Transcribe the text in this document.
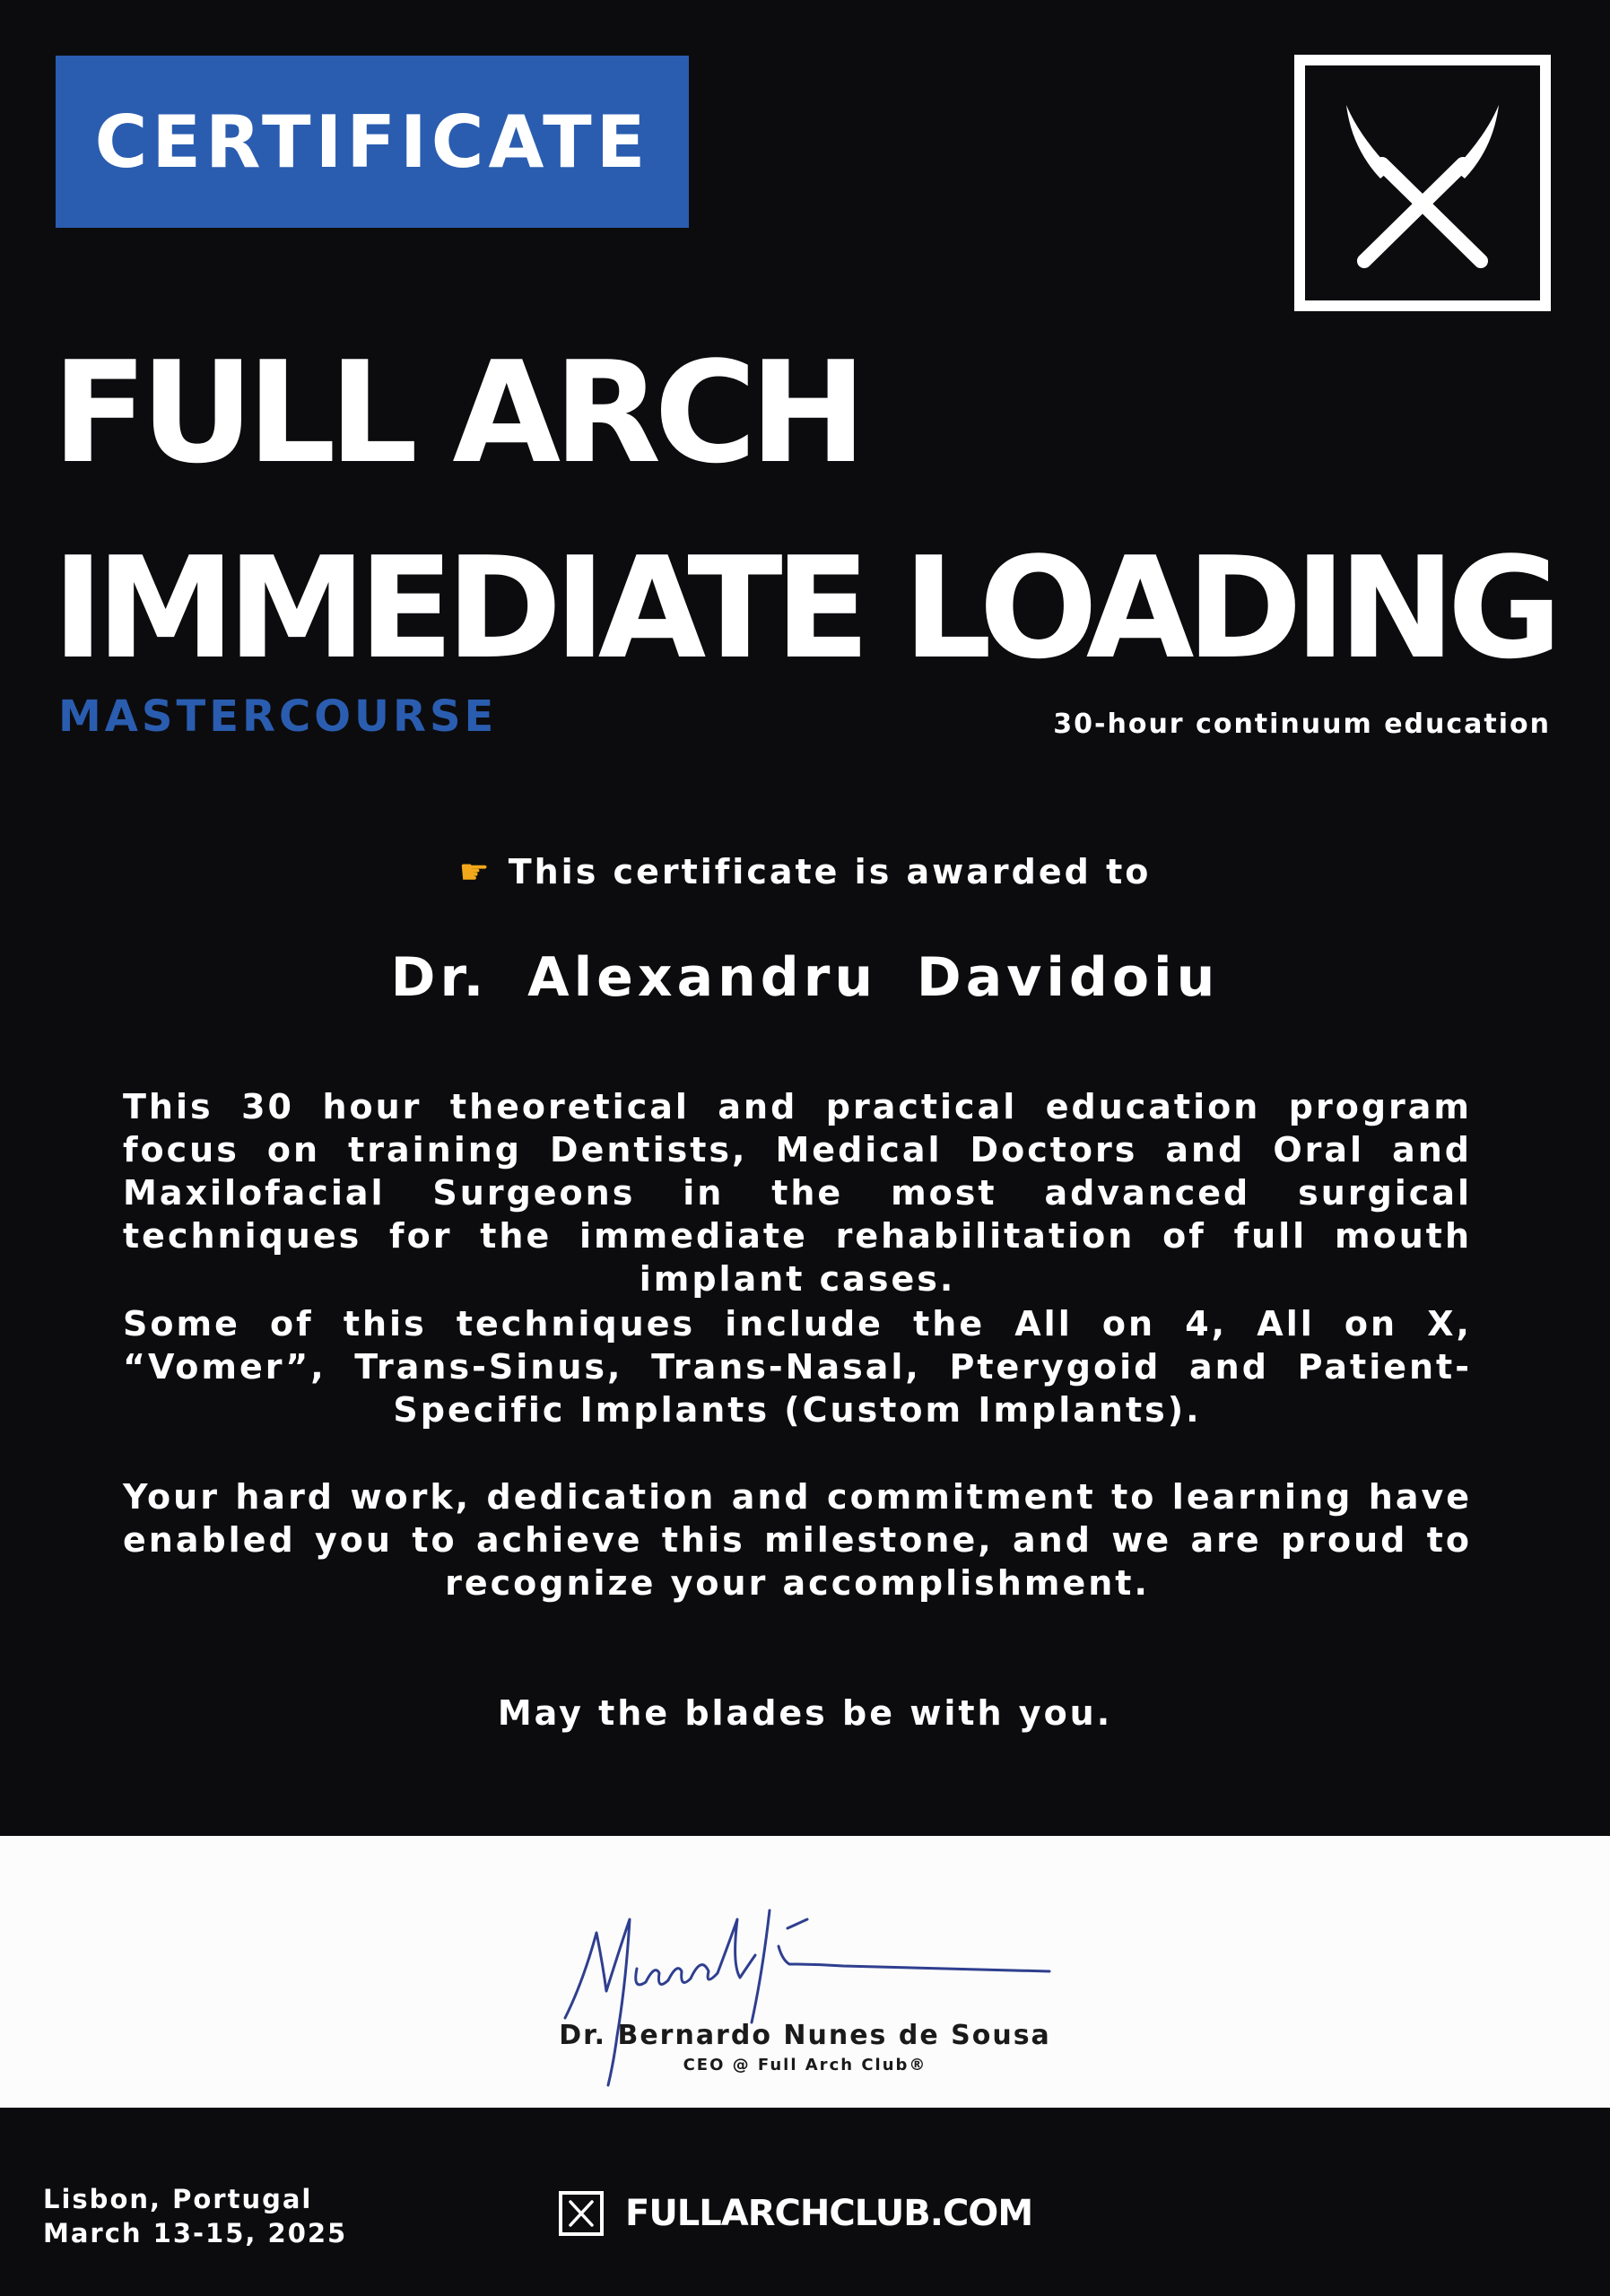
CERTIFICATE
FULL ARCH
IMMEDIATE LOADING
MASTERCOURSE	30-hour continuum education
☛ This certificate is awarded to
Dr. Alexandru Davidoiu
This 30 hour theoretical and practical education program focus on training Dentists, Medical Doctors and Oral and Maxilofacial Surgeons in the most advanced surgical techniques for the immediate rehabilitation of full mouth implant cases.
Some of this techniques include the All on 4, All on X, “Vomer”, Trans-Sinus, Trans-Nasal, Pterygoid and Patient-Specific Implants (Custom Implants).
Your hard work, dedication and commitment to learning have enabled you to achieve this milestone, and we are proud to recognize your accomplishment.
May the blades be with you.
Dr. Bernardo Nunes de Sousa
CEO @ Full Arch Club®
Lisbon, Portugal
March 13-15, 2025	FULLARCHCLUB.COM
